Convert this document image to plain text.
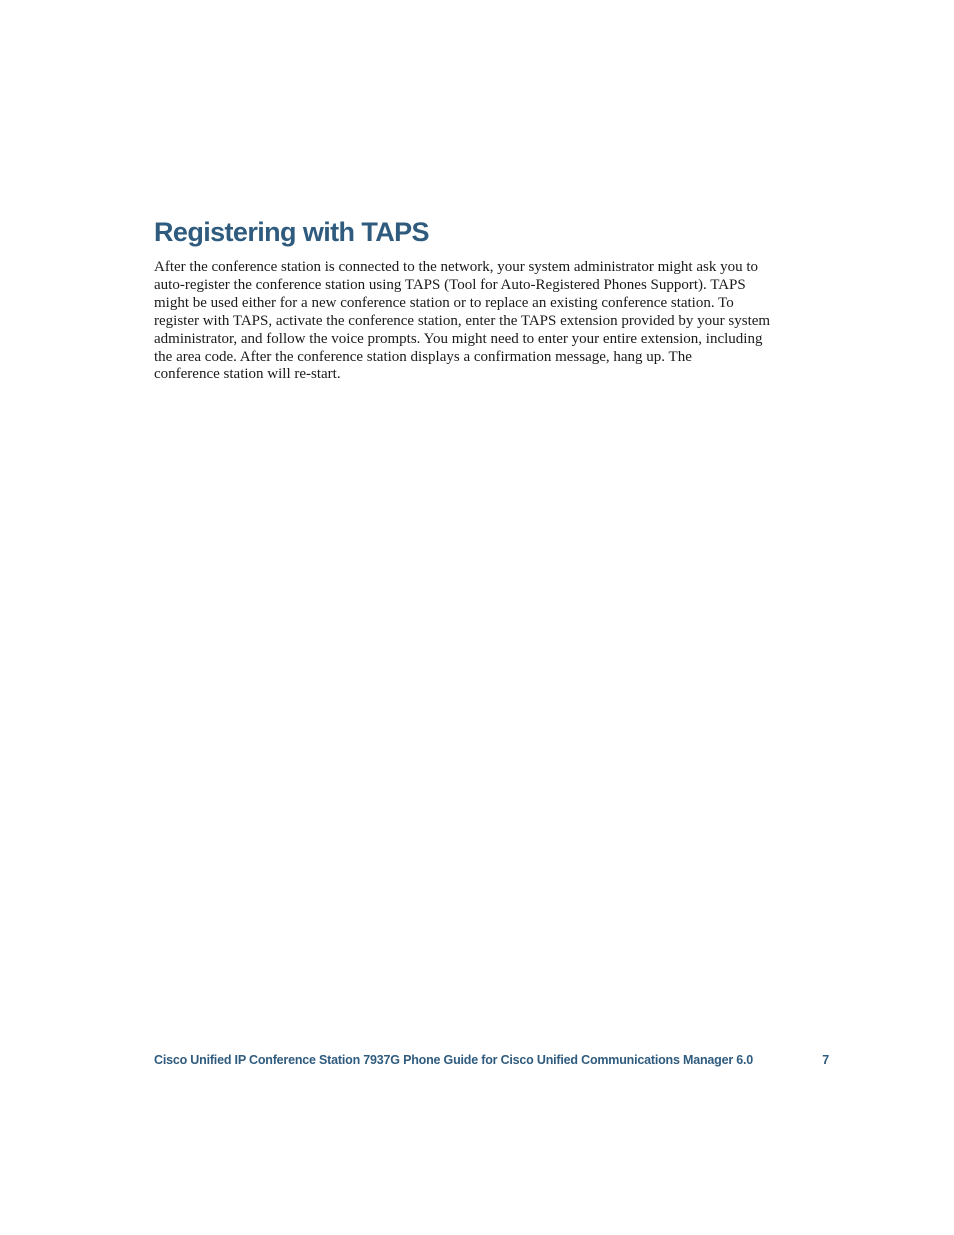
Registering with TAPS

After the conference station is connected to the network, your system administrator might ask you to
auto-register the conference station using TAPS (Tool for Auto-Registered Phones Support). TAPS
might be used either for a new conference station or to replace an existing conference station. To
register with TAPS, activate the conference station, enter the TAPS extension provided by your system
administrator, and follow the voice prompts. You might need to enter your entire extension, including
the area code. After the conference station displays a confirmation message, hang up. The
conference station will re-start.

Cisco Unified IP Conference Station 7937G Phone Guide for Cisco Unified Communications Manager 6.0	7
